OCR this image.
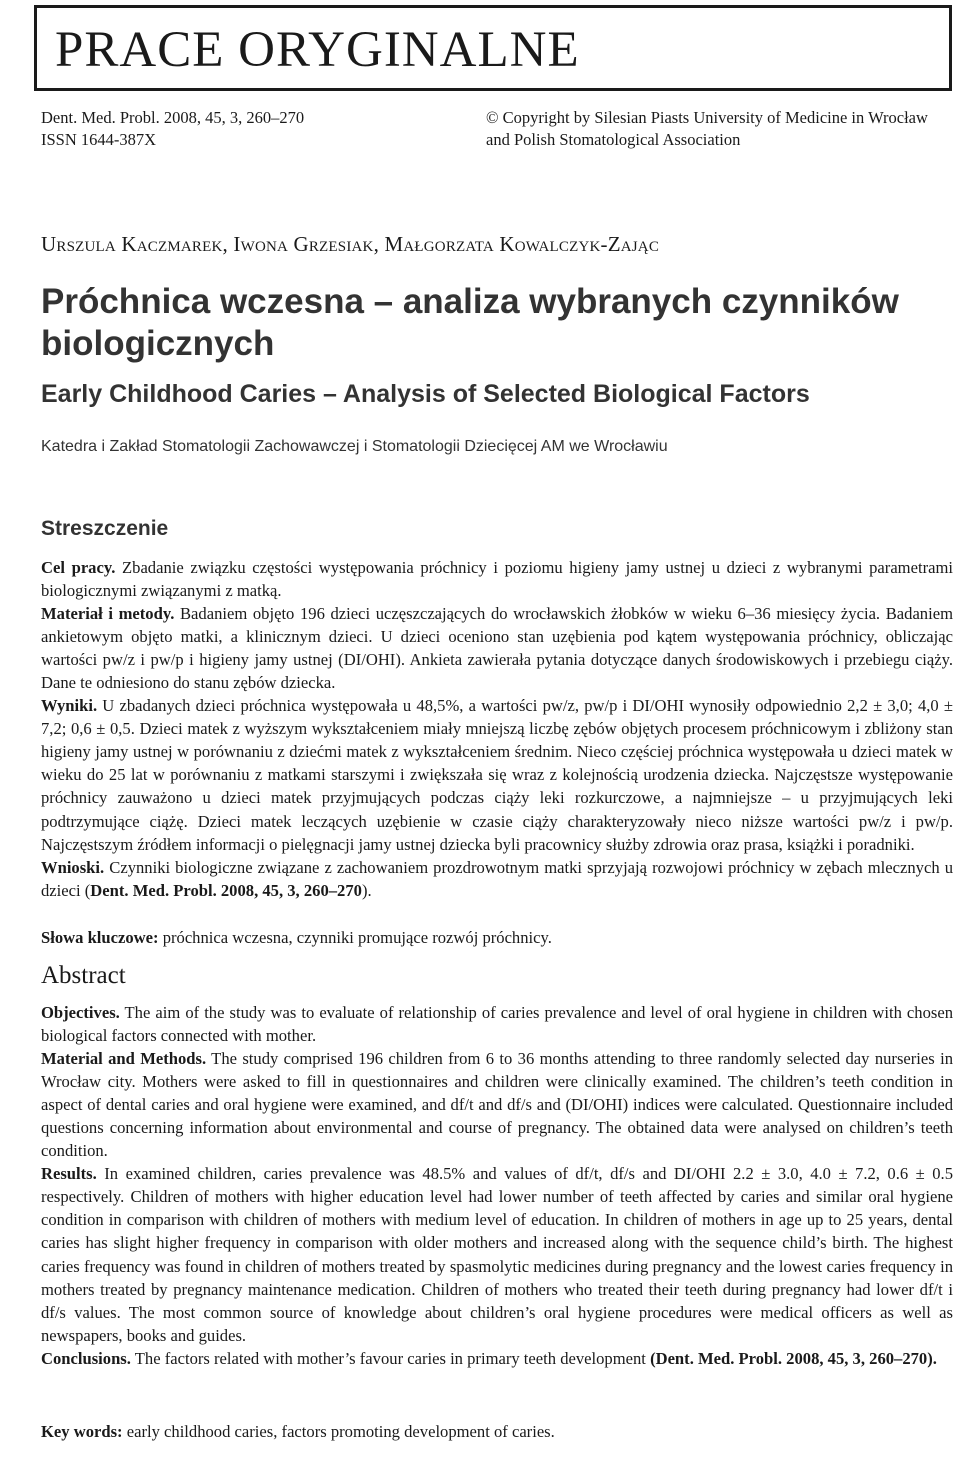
PRACE ORYGINALNE
Dent. Med. Probl. 2008, 45, 3, 260–270
ISSN 1644-387X
© Copyright by Silesian Piasts University of Medicine in Wrocław
and Polish Stomatological Association
Urszula Kaczmarek, Iwona Grzesiak, Małgorzata Kowalczyk-Zając
Próchnica wczesna – analiza wybranych czynników biologicznych
Early Childhood Caries – Analysis of Selected Biological Factors
Katedra i Zakład Stomatologii Zachowawczej i Stomatologii Dziecięcej AM we Wrocławiu
Streszczenie
Cel pracy. Zbadanie związku częstości występowania próchnicy i poziomu higieny jamy ustnej u dzieci z wybranymi parametrami biologicznymi związanymi z matką.
Materiał i metody. Badaniem objęto 196 dzieci uczęszczających do wrocławskich żłobków w wieku 6–36 miesięcy życia. Badaniem ankietowym objęto matki, a klinicznym dzieci. U dzieci oceniono stan uzębienia pod kątem występowania próchnicy, obliczając wartości pw/z i pw/p i higieny jamy ustnej (DI/OHI). Ankieta zawierała pytania dotyczące danych środowiskowych i przebiegu ciąży. Dane te odniesiono do stanu zębów dziecka.
Wyniki. U zbadanych dzieci próchnica występowała u 48,5%, a wartości pw/z, pw/p i DI/OHI wynosiły odpowiednio 2,2 ± 3,0; 4,0 ± 7,2; 0,6 ± 0,5. Dzieci matek z wyższym wykształceniem miały mniejszą liczbę zębów objętych procesem próchnicowym i zbliżony stan higieny jamy ustnej w porównaniu z dziećmi matek z wykształceniem średnim. Nieco częściej próchnica występowała u dzieci matek w wieku do 25 lat w porównaniu z matkami starszymi i zwiększała się wraz z kolejnością urodzenia dziecka. Najczęstsze występowanie próchnicy zauważono u dzieci matek przyjmujących podczas ciąży leki rozkurczowe, a najmniejsze – u przyjmujących leki podtrzymujące ciążę. Dzieci matek leczących uzębienie w czasie ciąży charakteryzowały nieco niższe wartości pw/z i pw/p. Najczęstszym źródłem informacji o pielęgnacji jamy ustnej dziecka byli pracownicy służby zdrowia oraz prasa, książki i poradniki.
Wnioski. Czynniki biologiczne związane z zachowaniem prozdrowotnym matki sprzyjają rozwojowi próchnicy w zębach mlecznych u dzieci (Dent. Med. Probl. 2008, 45, 3, 260–270).
Słowa kluczowe: próchnica wczesna, czynniki promujące rozwój próchnicy.
Abstract
Objectives. The aim of the study was to evaluate of relationship of caries prevalence and level of oral hygiene in children with chosen biological factors connected with mother.
Material and Methods. The study comprised 196 children from 6 to 36 months attending to three randomly selected day nurseries in Wrocław city. Mothers were asked to fill in questionnaires and children were clinically examined. The children’s teeth condition in aspect of dental caries and oral hygiene were examined, and df/t and df/s and (DI/OHI) indices were calculated. Questionnaire included questions concerning information about environmental and course of pregnancy. The obtained data were analysed on children’s teeth condition.
Results. In examined children, caries prevalence was 48.5% and values of df/t, df/s and DI/OHI 2.2 ± 3.0, 4.0 ± 7.2, 0.6 ± 0.5 respectively. Children of mothers with higher education level had lower number of teeth affected by caries and similar oral hygiene condition in comparison with children of mothers with medium level of education. In children of mothers in age up to 25 years, dental caries has slight higher frequency in comparison with older mothers and increased along with the sequence child’s birth. The highest caries frequency was found in children of mothers treated by spasmolytic medicines during pregnancy and the lowest caries frequency in mothers treated by pregnancy maintenance medication. Children of mothers who treated their teeth during pregnancy had lower df/t i df/s values. The most common source of knowledge about children’s oral hygiene procedures were medical officers as well as newspapers, books and guides.
Conclusions. The factors related with mother’s favour caries in primary teeth development (Dent. Med. Probl. 2008, 45, 3, 260–270).
Key words: early childhood caries, factors promoting development of caries.
